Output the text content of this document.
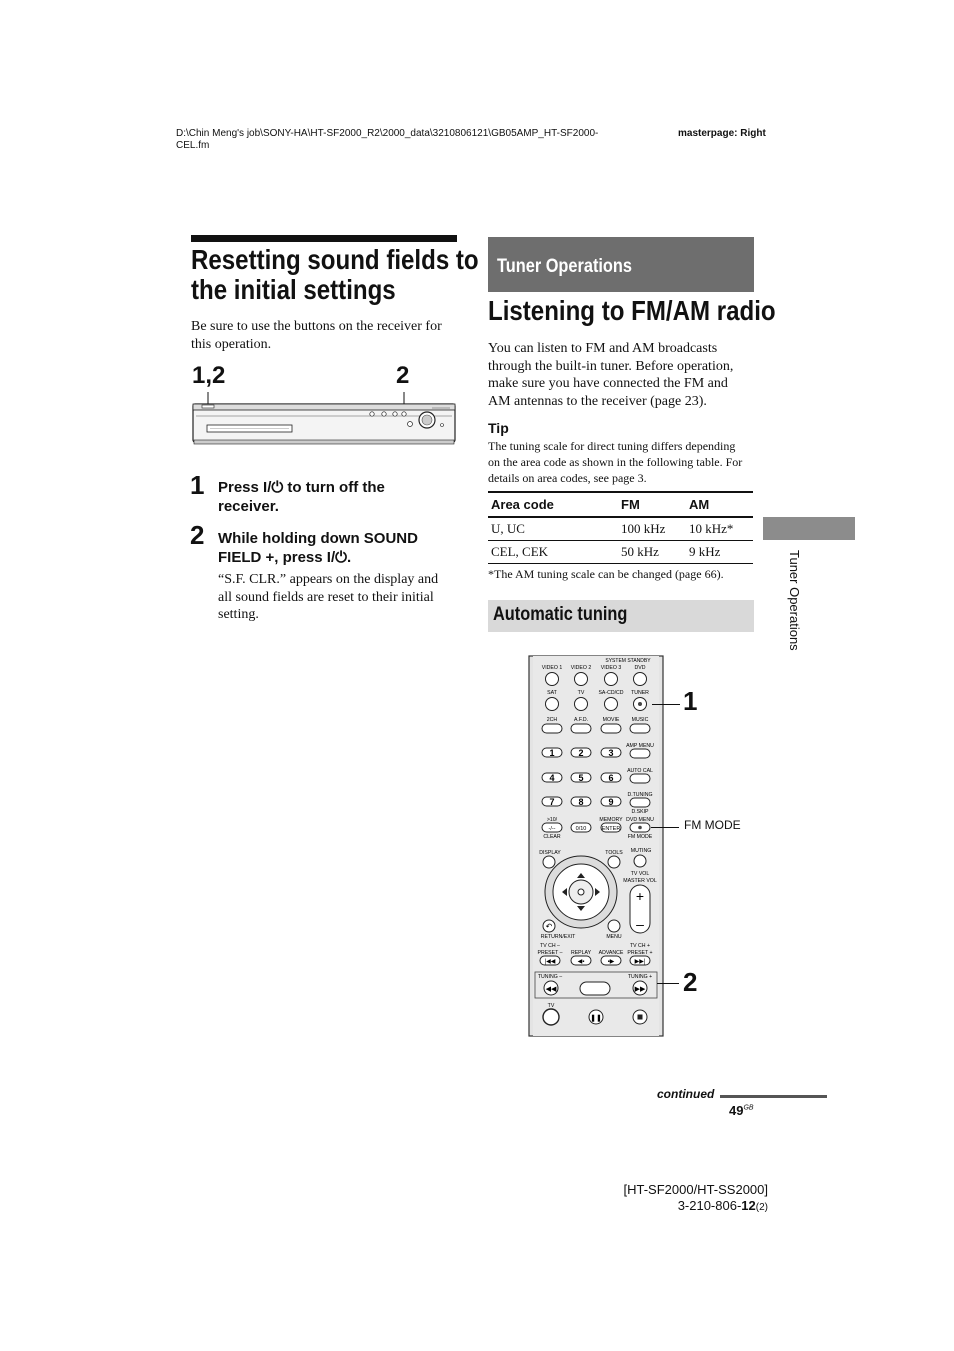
D:\Chin Meng's job\SONY-HA\HT-SF2000_R2\2000_data\3210806121\GB05AMP_HT-SF2000-
CEL.fm
masterpage: Right
Resetting sound fields to
the initial settings
Be sure to use the buttons on the receiver for
this operation.
1,2	2
1 Press I/⏻ to turn off the
receiver.
2 While holding down SOUND
FIELD +, press I/⏻.
“S.F. CLR.” appears on the display and
all sound fields are reset to their initial
setting.
Tuner Operations
Listening to FM/AM radio
You can listen to FM and AM broadcasts
through the built-in tuner. Before operation,
make sure you have connected the FM and
AM antennas to the receiver (page 23).
Tip
The tuning scale for direct tuning differs depending
on the area code as shown in the following table. For
details on area codes, see page 3.
Area code	FM	AM
U, UC	100 kHz	10 kHz*
CEL, CEK	50 kHz	9 kHz
*The AM tuning scale can be changed (page 66).
Automatic tuning
SYSTEM STANDBY
VIDEO 1 VIDEO 2 VIDEO 3	DVD
SAT	TV	SA-CD/CD TUNER
2CH	A.F.D.	MOVIE MUSIC
AMP MENU
AUTO CAL
D.TUNING
D.SKIP
1	2	3
4	5	6
7	8	9
>10/
-/--
CLEAR
0/10
MEMORY
ENTER
DVD MENU
FM MODE
DISPLAY	TOOLS MUTING
TV VOL
MASTER VOL
+
–
↶
RETURN/EXIT	MENU
TV CH –
PRESET –
|◀◀
REPLAY
◀▪
ADVANCE
▪▶
TV CH +
PRESET +
▶▶|
TUNING –	TUNING +
◀◀	▶▶
TV
❚❚
1
FM MODE
2
Tuner Operations
continued
$49^{GB}$
[HT-SF2000/HT-SS2000]
3-210-806-12(2)
